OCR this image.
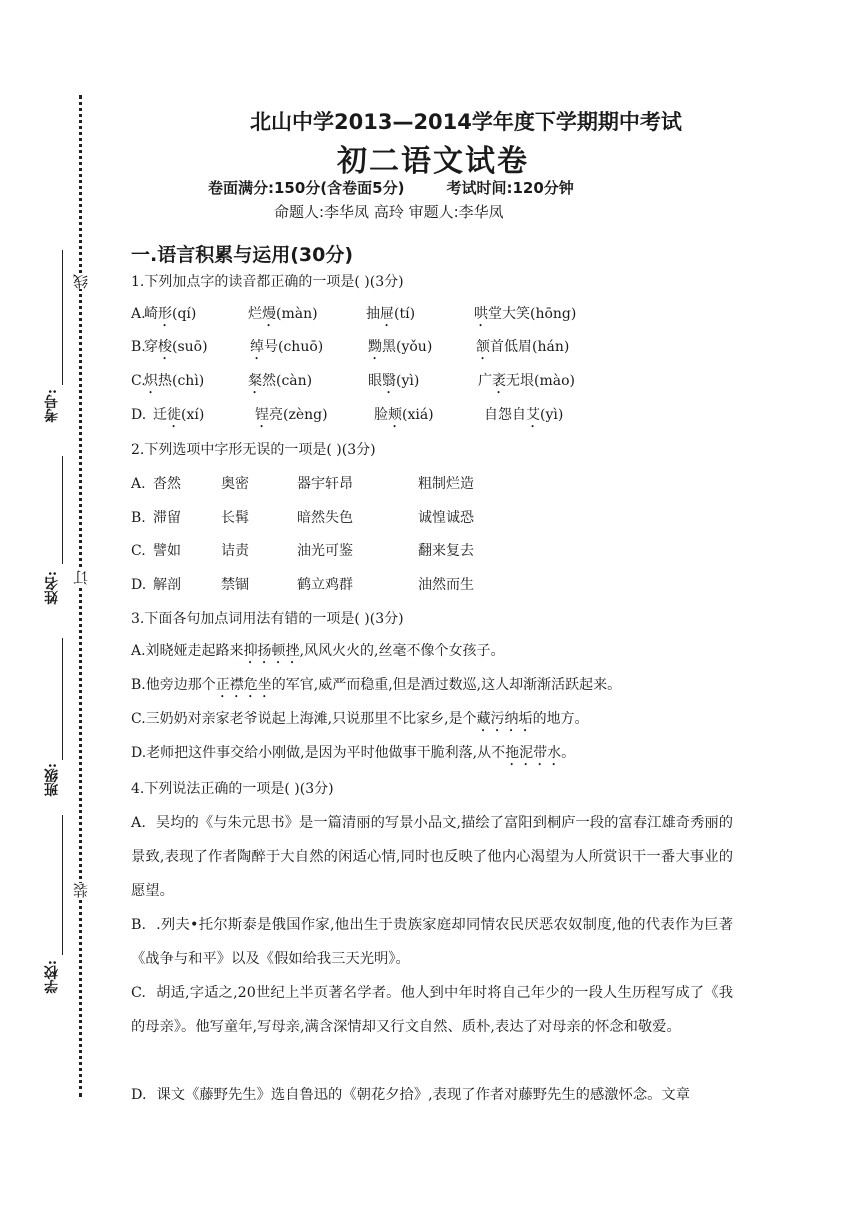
线
订
装
考号:
姓名:
班级:
学校:
北山中学2013—2014学年度下学期期中考试
初二语文试卷
卷面满分:150分(含卷面5分)	考试时间:120分钟
命题人:李华凤 高玲 审题人:李华凤
一.语言积累与运用(30分)
1.下列加点字的读音都正确的一项是( )(3分)
A.
崎形(qí)	烂熳(màn)	抽屉(tí)	哄堂大笑(hōng)
B.
穿梭(suō)	绰号(chuō)	黝黑(yǒu)	颔首低眉(hán)
C.
炽热(chì)	粲然(càn)	眼翳(yì)	广袤无垠(mào)
D. 迁徙(xí)	锃亮(zèng)	脸颊(xiá)	自怨自艾(yì)
2.下列选项中字形无误的一项是( )(3分)
A. 沓然	奥密	器宇轩昂	粗制烂造
B. 滞留	长髯	暗然失色	诚惶诚恐
C. 譬如	诘责	油光可鉴	翻来复去
D. 解剖	禁锢	鹤立鸡群	油然而生
3.下面各句加点词用法有错的一项是( )(3分)
A.刘晓娅走起路来抑扬顿挫,风风火火的,丝毫不像个女孩子。
B.他旁边那个正襟危坐的军官,威严而稳重,但是酒过数巡,这人却渐渐活跃起来。
C.三奶奶对亲家老爷说起上海滩,只说那里不比家乡,是个藏污纳垢的地方。
D.老师把这件事交给小刚做,是因为平时他做事干脆利落,从不拖泥带水。
4.下列说法正确的一项是( )(3分)
A. 吴均的《与朱元思书》是一篇清丽的写景小品文,描绘了富阳到桐庐一段的富春江雄奇秀丽的景致,表现了作者陶醉于大自然的闲适心情,同时也反映了他内心渴望为人所赏识干一番大事业的愿望。
B. .列夫•托尔斯泰是俄国作家,他出生于贵族家庭却同情农民厌恶农奴制度,他的代表作为巨著《战争与和平》以及《假如给我三天光明》。
C. 胡适,字适之,20世纪上半页著名学者。他人到中年时将自己年少的一段人生历程写成了《我的母亲》。他写童年,写母亲,满含深情却又行文自然、质朴,表达了对母亲的怀念和敬爱。
D. 课文《藤野先生》选自鲁迅的《朝花夕拾》,表现了作者对藤野先生的感激怀念。文章
